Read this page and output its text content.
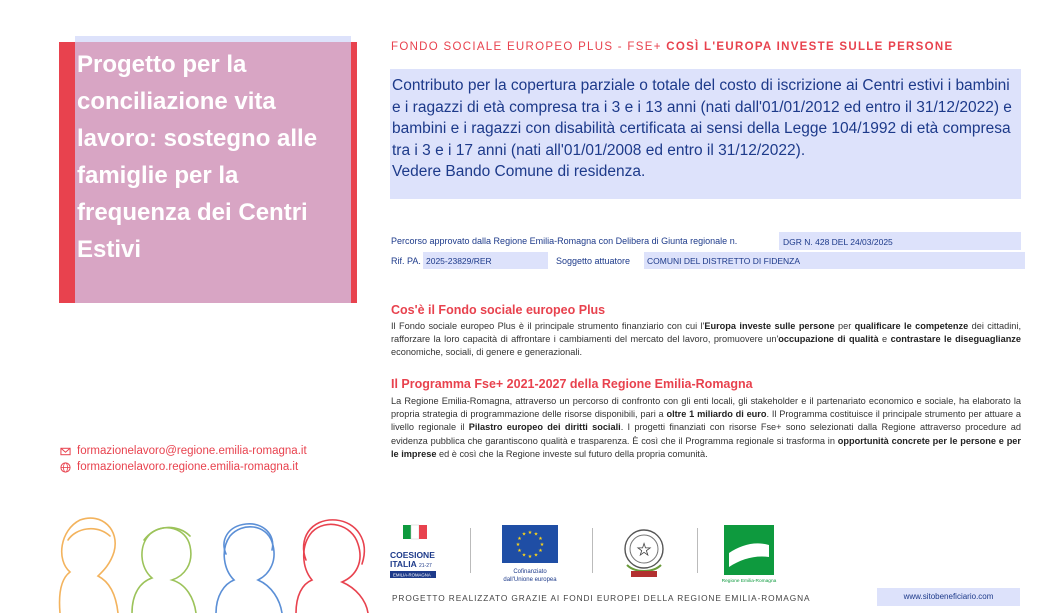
Progetto per la conciliazione vita lavoro: sostegno alle famiglie per la frequenza dei Centri Estivi
FONDO SOCIALE EUROPEO PLUS - FSE+ COSÌ L'EUROPA INVESTE SULLE PERSONE
Contributo per la copertura parziale o totale del costo di iscrizione ai Centri estivi i bambini
e i ragazzi di età compresa tra i 3 e i 13 anni (nati dall'01/01/2012 ed entro il 31/12/2022) e
bambini e i ragazzi con disabilità certificata ai sensi della Legge 104/1992 di età compresa
tra i 3 e i 17 anni (nati all'01/01/2008 ed entro il 31/12/2022).
Vedere Bando Comune di residenza.
Percorso approvato dalla Regione Emilia-Romagna con Delibera di Giunta regionale n.	DGR N. 428 DEL 24/03/2025
Rif. PA. 2025-23829/RER	Soggetto attuatore	COMUNI DEL DISTRETTO DI FIDENZA
Cos'è il Fondo sociale europeo Plus
Il Fondo sociale europeo Plus è il principale strumento finanziario con cui l'Europa investe sulle persone per qualificare le competenze dei cittadini, rafforzare la loro capacità di affrontare i cambiamenti del mercato del lavoro, promuovere un'occupazione di qualità e contrastare le diseguaglianze economiche, sociali, di genere e generazionali.
Il Programma Fse+ 2021-2027 della Regione Emilia-Romagna
La Regione Emilia-Romagna, attraverso un percorso di confronto con gli enti locali, gli stakeholder e il partenariato economico e sociale, ha elaborato la propria strategia di programmazione delle risorse disponibili, pari a oltre 1 miliardo di euro. Il Programma costituisce il principale strumento per attuare a livello regionale il Pilastro europeo dei diritti sociali. I progetti finanziati con risorse Fse+ sono selezionati dalla Regione attraverso procedure ad evidenza pubblica che garantiscono qualità e trasparenza. È così che il Programma regionale si trasforma in opportunità concrete per le persone e per le imprese ed è così che la Regione investe sul futuro della propria comunità.
formazionelavoro@regione.emilia-romagna.it
formazionelavoro.regione.emilia-romagna.it
COESIONE
ITALIA 21-27
EMILIA-ROMAGNA
★ ★
★
★
★
★
★
★
★
★
★
★
Cofinanziato
dall'Unione europea
★
Regione Emilia-Romagna
PROGETTO REALIZZATO GRAZIE AI FONDI EUROPEI DELLA REGIONE EMILIA-ROMAGNA	www.sitobeneficiario.com
